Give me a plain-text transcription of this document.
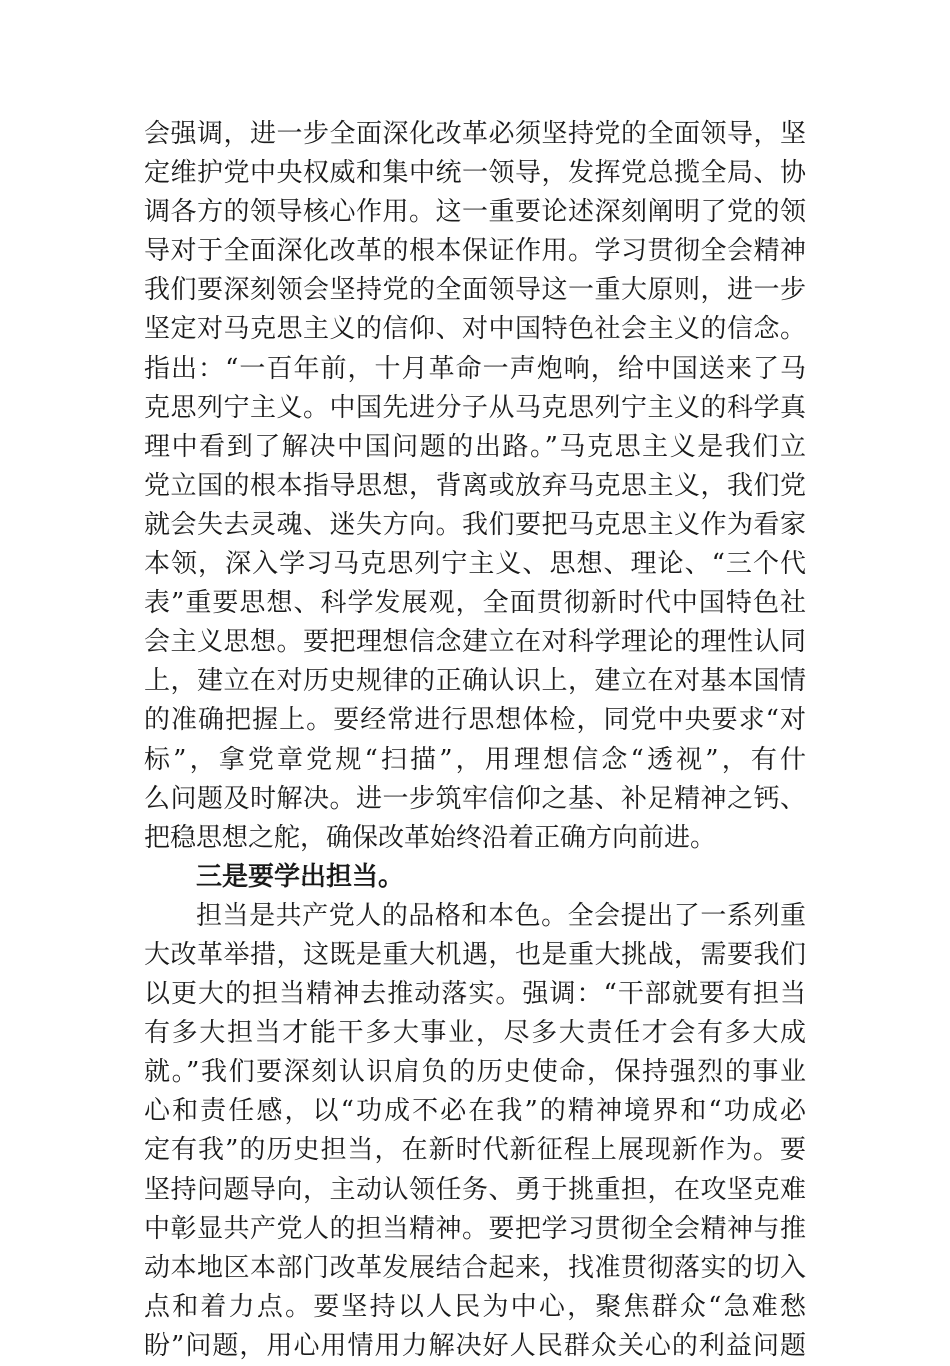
会强调，进一步全面深化改革必须坚持党的全面领导，坚
定维护党中央权威和集中统一领导，发挥党总揽全局、协
调各方的领导核心作用。这一重要论述深刻阐明了党的领
导对于全面深化改革的根本保证作用。学习贯彻全会精神
我们要深刻领会坚持党的全面领导这一重大原则，进一步
坚定对马克思主义的信仰、对中国特色社会主义的信念。
指出：“一百年前，十月革命一声炮响，给中国送来了马
克思列宁主义。中国先进分子从马克思列宁主义的科学真
理中看到了解决中国问题的出路。”马克思主义是我们立
党立国的根本指导思想，背离或放弃马克思主义，我们党
就会失去灵魂、迷失方向。我们要把马克思主义作为看家
本领，深入学习马克思列宁主义、思想、理论、“三个代
表”重要思想、科学发展观，全面贯彻新时代中国特色社
会主义思想。要把理想信念建立在对科学理论的理性认同
上，建立在对历史规律的正确认识上，建立在对基本国情
的准确把握上。要经常进行思想体检，同党中央要求“对
标”，拿党章党规“扫描”，用理想信念“透视”，有什
么问题及时解决。进一步筑牢信仰之基、补足精神之钙、
把稳思想之舵，确保改革始终沿着正确方向前进。
三是要学出担当。
担当是共产党人的品格和本色。全会提出了一系列重
大改革举措，这既是重大机遇，也是重大挑战，需要我们
以更大的担当精神去推动落实。强调：“干部就要有担当
有多大担当才能干多大事业，尽多大责任才会有多大成
就。”我们要深刻认识肩负的历史使命，保持强烈的事业
心和责任感，以“功成不必在我”的精神境界和“功成必
定有我”的历史担当，在新时代新征程上展现新作为。要
坚持问题导向，主动认领任务、勇于挑重担，在攻坚克难
中彰显共产党人的担当精神。要把学习贯彻全会精神与推
动本地区本部门改革发展结合起来，找准贯彻落实的切入
点和着力点。要坚持以人民为中心，聚焦群众“急难愁
盼”问题，用心用情用力解决好人民群众关心的利益问题
